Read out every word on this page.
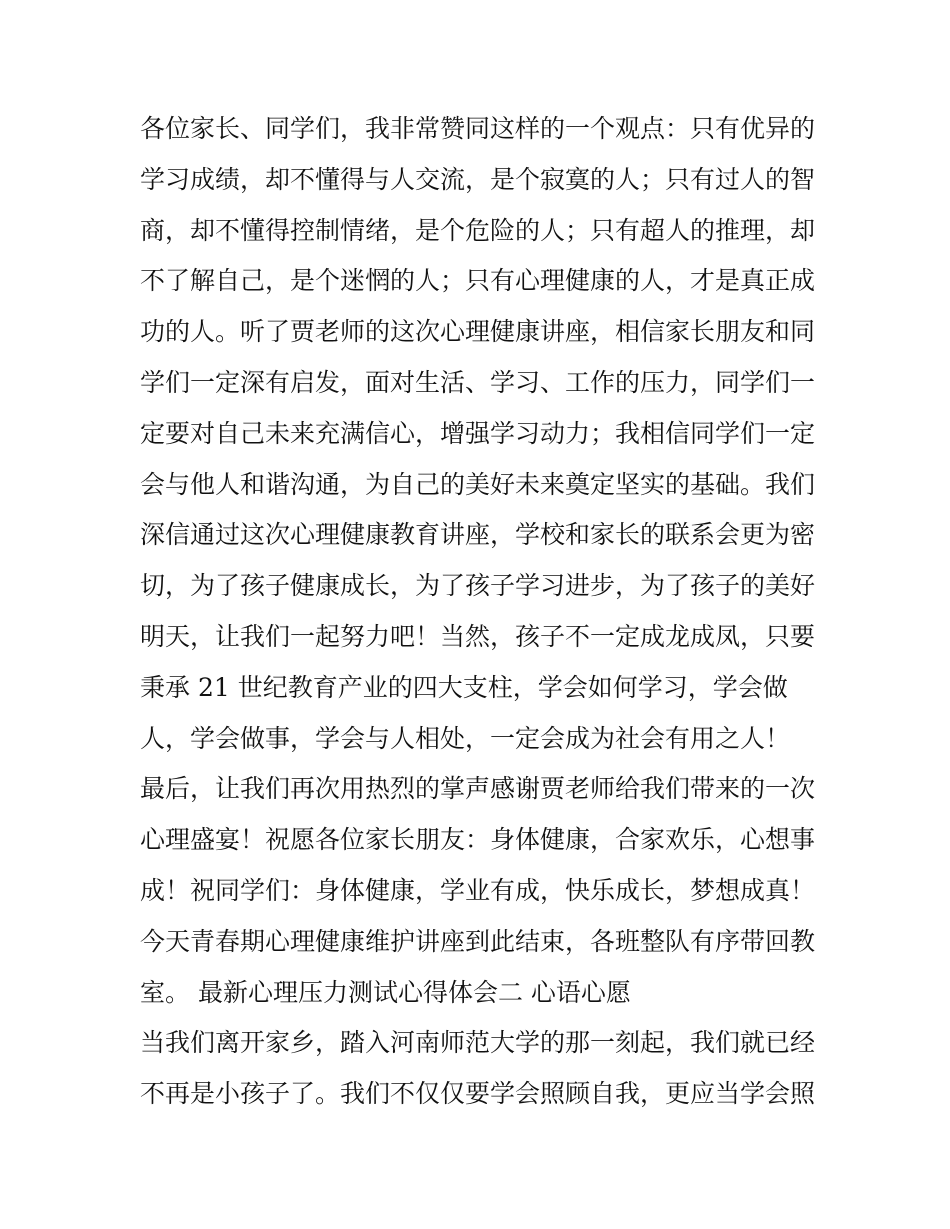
各位家长、同学们，我非常赞同这样的一个观点：只有优异的
学习成绩，却不懂得与人交流，是个寂寞的人；只有过人的智
商，却不懂得控制情绪，是个危险的人；只有超人的推理，却
不了解自己，是个迷惘的人；只有心理健康的人，才是真正成
功的人。听了贾老师的这次心理健康讲座，相信家长朋友和同
学们一定深有启发，面对生活、学习、工作的压力，同学们一
定要对自己未来充满信心，增强学习动力；我相信同学们一定
会与他人和谐沟通，为自己的美好未来奠定坚实的基础。我们
深信通过这次心理健康教育讲座，学校和家长的联系会更为密
切，为了孩子健康成长，为了孩子学习进步，为了孩子的美好
明天，让我们一起努力吧！当然，孩子不一定成龙成凤，只要
秉承 21 世纪教育产业的四大支柱，学会如何学习，学会做
人，学会做事，学会与人相处，一定会成为社会有用之人！
最后，让我们再次用热烈的掌声感谢贾老师给我们带来的一次
心理盛宴！祝愿各位家长朋友：身体健康，合家欢乐，心想事
成！祝同学们：身体健康，学业有成，快乐成长，梦想成真！
今天青春期心理健康维护讲座到此结束，各班整队有序带回教
室。 最新心理压力测试心得体会二 心语心愿
当我们离开家乡，踏入河南师范大学的那一刻起，我们就已经
不再是小孩子了。我们不仅仅要学会照顾自我，更应当学会照
